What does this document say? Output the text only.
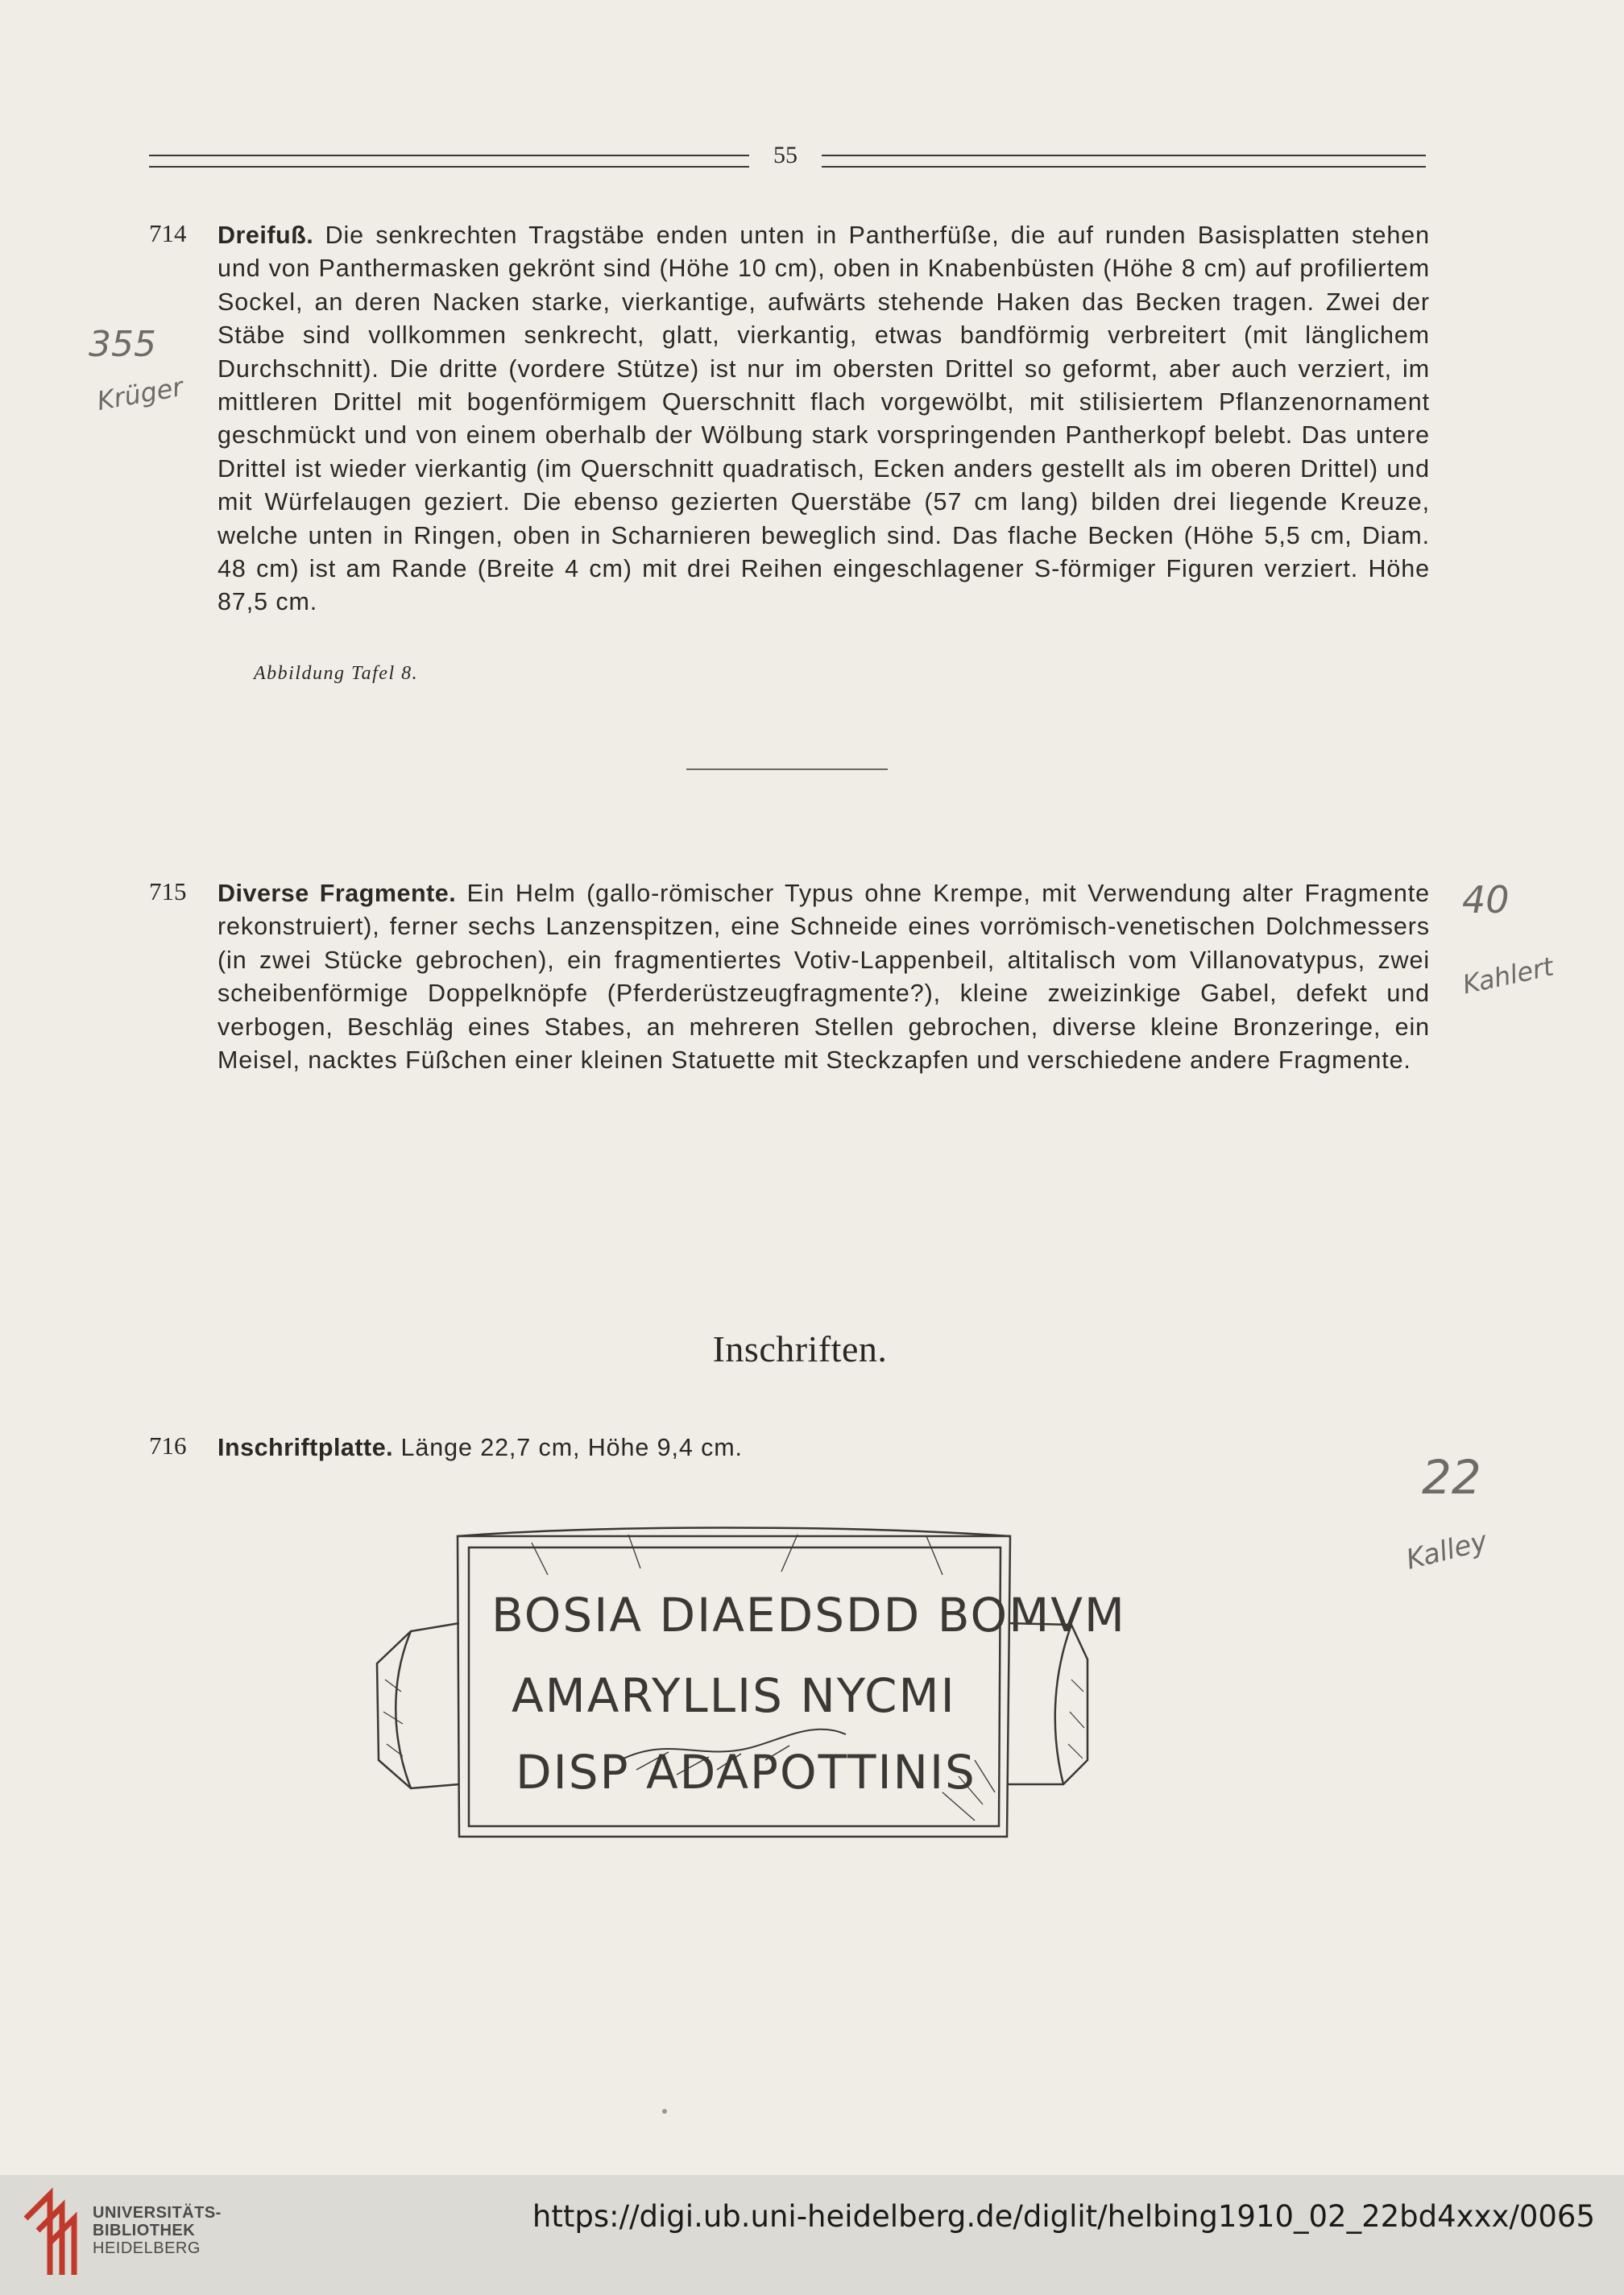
55
714 Dreifuß. Die senkrechten Tragstäbe enden unten in Pantherfüße, die auf runden Basisplatten stehen und von Panthermasken gekrönt sind (Höhe 10 cm), oben in Knabenbüsten (Höhe 8 cm) auf profiliertem Sockel, an deren Nacken starke, vierkantige, aufwärts stehende Haken das Becken tragen. Zwei der Stäbe sind vollkommen senkrecht, glatt, vierkantig, etwas bandförmig verbreitert (mit länglichem Durchschnitt). Die dritte (vordere Stütze) ist nur im obersten Drittel so geformt, aber auch verziert, im mittleren Drittel mit bogenförmigem Querschnitt flach vorgewölbt, mit stilisiertem Pflanzenornament geschmückt und von einem oberhalb der Wölbung stark vorspringenden Pantherkopf belebt. Das untere Drittel ist wieder vierkantig (im Querschnitt quadratisch, Ecken anders gestellt als im oberen Drittel) und mit Würfelaugen geziert. Die ebenso gezierten Querstäbe (57 cm lang) bilden drei liegende Kreuze, welche unten in Ringen, oben in Scharnieren beweglich sind. Das flache Becken (Höhe 5,5 cm, Diam. 48 cm) ist am Rande (Breite 4 cm) mit drei Reihen eingeschlagener S-förmiger Figuren verziert. Höhe 87,5 cm.
Abbildung Tafel 8.
355
Krüger
715 Diverse Fragmente. Ein Helm (gallo-römischer Typus ohne Krempe, mit Verwendung alter Fragmente rekonstruiert), ferner sechs Lanzenspitzen, eine Schneide eines vorrömisch-venetischen Dolchmessers (in zwei Stücke gebrochen), ein fragmentiertes Votiv-Lappenbeil, altitalisch vom Villanovatypus, zwei scheibenförmige Doppelknöpfe (Pferderüstzeugfragmente?), kleine zweizinkige Gabel, defekt und verbogen, Beschläg eines Stabes, an mehreren Stellen gebrochen, diverse kleine Bronzeringe, ein Meisel, nacktes Füßchen einer kleinen Statuette mit Steckzapfen und verschiedene andere Fragmente.
40
Kahlert
Inschriften.
716 Inschriftplatte. Länge 22,7 cm, Höhe 9,4 cm.
22
Kalley
BOSIA DIAEDSDD BOMVM
AMARYLLIS NYCMI
DISP ADAPOTTINIS
UNIVERSITÄTS-
BIBLIOTHEK
HEIDELBERG
https://digi.ub.uni-heidelberg.de/diglit/helbing1910_02_22bd4xxx/0065
